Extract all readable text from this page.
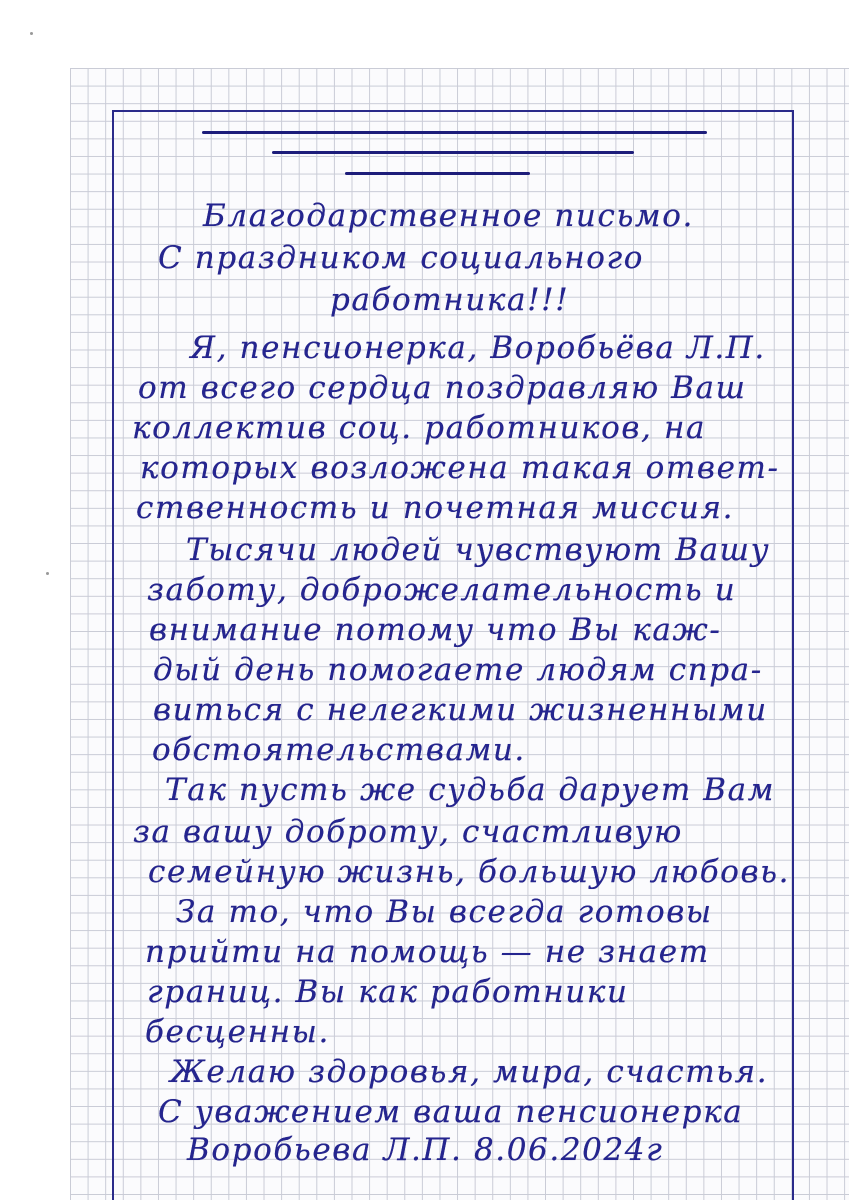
Благодарственное письмо.
С праздником социального
работника!!!
Я, пенсионерка, Воробьёва Л.П.
от всего сердца поздравляю Ваш
коллектив соц. работников, на
которых возложена такая ответ-
ственность и почетная миссия.
Тысячи людей чувствуют Вашу
заботу, доброжелательность и
внимание потому что Вы каж-
дый день помогаете людям спра-
виться с нелегкими жизненными
обстоятельствами.
Так пусть же судьба дарует Вам
за вашу доброту, счастливую
семейную жизнь, большую любовь.
За то, что Вы всегда готовы
прийти на помощь — не знает
границ. Вы как работники
бесценны.
Желаю здоровья, мира, счастья.
С уважением ваша пенсионерка
Воробьева Л.П. 8.06.2024г
